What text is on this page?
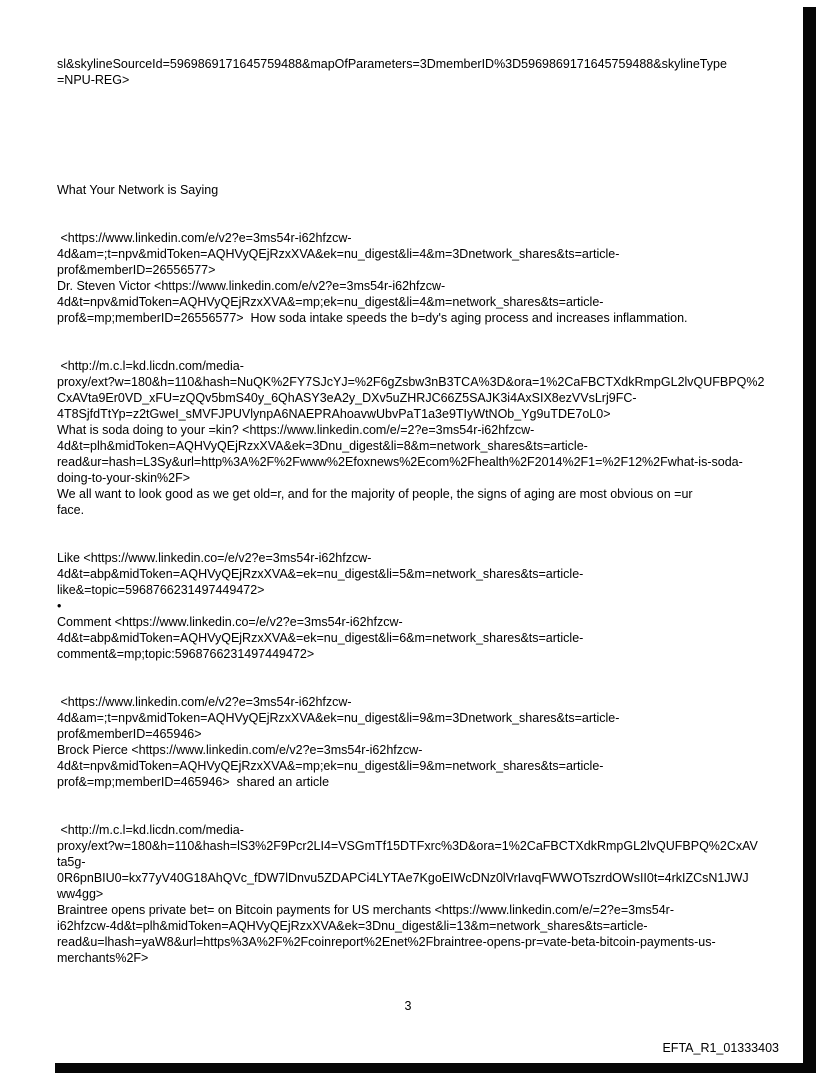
sl&skylineSourceId=5969869171645759488&mapOfParameters=3DmemberID%3D5969869171645759488&skylineType
=NPU-REG>
What Your Network is Saying
<https://www.linkedin.com/e/v2?e=3ms54r-i62hfzcw-
4d&am=;t=npv&midToken=AQHVyQEjRzxXVA&ek=nu_digest&li=4&m=3Dnetwork_shares&ts=article-
prof&memberID=26556577>
Dr. Steven Victor <https://www.linkedin.com/e/v2?e=3ms54r-i62hfzcw-
4d&t=npv&midToken=AQHVyQEjRzxXVA&=mp;ek=nu_digest&li=4&m=network_shares&ts=article-
prof&=mp;memberID=26556577>  How soda intake speeds the b=dy's aging process and increases inflammation.
<http://m.c.l=kd.licdn.com/media-
proxy/ext?w=180&h=110&hash=NuQK%2FY7SJcYJ=%2F6gZsbw3nB3TCA%3D&ora=1%2CaFBCTXdkRmpGL2lvQUFBPQ%2
CxAVta9Er0VD_xFU=zQQv5bmS40y_6QhASY3eA2y_DXv5uZHRJC66Z5SAJK3i4AxSIX8ezVVsLrj9FC-
4T8SjfdTtYp=z2tGweI_sMVFJPUVlynpA6NAEPRAhoavwUbvPaT1a3e9TIyWtNOb_Yg9uTDE7oL0>
What is soda doing to your =kin? <https://www.linkedin.com/e/=2?e=3ms54r-i62hfzcw-
4d&t=plh&midToken=AQHVyQEjRzxXVA&ek=3Dnu_digest&li=8&m=network_shares&ts=article-
read&ur=hash=L3Sy&url=http%3A%2F%2Fwww%2Efoxnews%2Ecom%2Fhealth%2F2014%2F1=%2F12%2Fwhat-is-soda-
doing-to-your-skin%2F>
We all want to look good as we get old=r, and for the majority of people, the signs of aging are most obvious on =ur
face.
Like <https://www.linkedin.co=/e/v2?e=3ms54r-i62hfzcw-
4d&t=abp&midToken=AQHVyQEjRzxXVA&=ek=nu_digest&li=5&m=network_shares&ts=article-
like&=topic=5968766231497449472>
•
Comment <https://www.linkedin.co=/e/v2?e=3ms54r-i62hfzcw-
4d&t=abp&midToken=AQHVyQEjRzxXVA&=ek=nu_digest&li=6&m=network_shares&ts=article-
comment&=mp;topic:5968766231497449472>
<https://www.linkedin.com/e/v2?e=3ms54r-i62hfzcw-
4d&am=;t=npv&midToken=AQHVyQEjRzxXVA&ek=nu_digest&li=9&m=3Dnetwork_shares&ts=article-
prof&memberID=465946>
Brock Pierce <https://www.linkedin.com/e/v2?e=3ms54r-i62hfzcw-
4d&t=npv&midToken=AQHVyQEjRzxXVA&=mp;ek=nu_digest&li=9&m=network_shares&ts=article-
prof&=mp;memberID=465946>  shared an article
<http://m.c.l=kd.licdn.com/media-
proxy/ext?w=180&h=110&hash=lS3%2F9Pcr2LI4=VSGmTf15DTFxrc%3D&ora=1%2CaFBCTXdkRmpGL2lvQUFBPQ%2CxAV
ta5g-
0R6pnBIU0=kx77yV40G18AhQVc_fDW7lDnvu5ZDAPCi4LYTAe7KgoEIWcDNz0lVrIavqFWWOTszrdOWsII0t=4rkIZCsN1JWJ
ww4gg>
Braintree opens private bet= on Bitcoin payments for US merchants <https://www.linkedin.com/e/=2?e=3ms54r-
i62hfzcw-4d&t=plh&midToken=AQHVyQEjRzxXVA&ek=3Dnu_digest&li=13&m=network_shares&ts=article-
read&u=lhash=yaW8&url=https%3A%2F%2Fcoinreport%2Enet%2Fbraintree-opens-pr=vate-beta-bitcoin-payments-us-
merchants%2F>
3
EFTA_R1_01333403
